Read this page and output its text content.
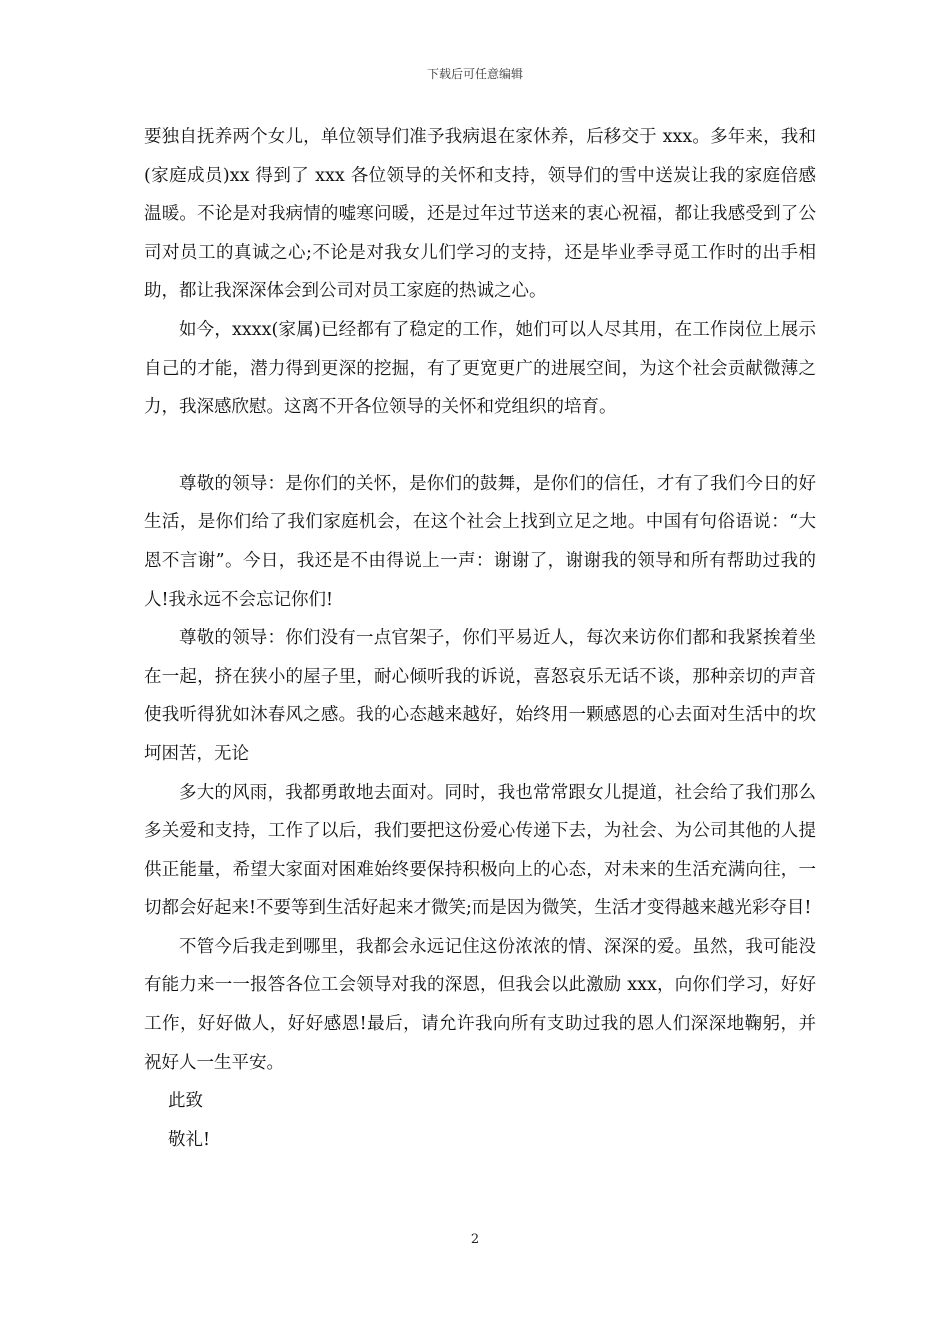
下载后可任意编辑

要独自抚养两个女儿，单位领导们准予我病退在家休养，后移交于 xxx。多年来，我和(家庭成员)xx 得到了 xxx 各位领导的关怀和支持，领导们的雪中送炭让我的家庭倍感温暖。不论是对我病情的嘘寒问暖，还是过年过节送来的衷心祝福，都让我感受到了公司对员工的真诚之心;不论是对我女儿们学习的支持，还是毕业季寻觅工作时的出手相助，都让我深深体会到公司对员工家庭的热诚之心。

如今，xxxx(家属)已经都有了稳定的工作，她们可以人尽其用，在工作岗位上展示自己的才能，潜力得到更深的挖掘，有了更宽更广的进展空间，为这个社会贡献微薄之力，我深感欣慰。这离不开各位领导的关怀和党组织的培育。

尊敬的领导：是你们的关怀，是你们的鼓舞，是你们的信任，才有了我们今日的好生活，是你们给了我们家庭机会，在这个社会上找到立足之地。中国有句俗语说：“大恩不言谢”。今日，我还是不由得说上一声：谢谢了，谢谢我的领导和所有帮助过我的人!我永远不会忘记你们!

尊敬的领导：你们没有一点官架子，你们平易近人，每次来访你们都和我紧挨着坐在一起，挤在狭小的屋子里，耐心倾听我的诉说，喜怒哀乐无话不谈，那种亲切的声音使我听得犹如沐春风之感。我的心态越来越好，始终用一颗感恩的心去面对生活中的坎坷困苦，无论

多大的风雨，我都勇敢地去面对。同时，我也常常跟女儿提道，社会给了我们那么多关爱和支持，工作了以后，我们要把这份爱心传递下去，为社会、为公司其他的人提供正能量，希望大家面对困难始终要保持积极向上的心态，对未来的生活充满向往，一切都会好起来!不要等到生活好起来才微笑;而是因为微笑，生活才变得越来越光彩夺目!

不管今后我走到哪里，我都会永远记住这份浓浓的情、深深的爱。虽然，我可能没有能力来一一报答各位工会领导对我的深恩，但我会以此激励 xxx，向你们学习，好好工作，好好做人，好好感恩!最后，请允许我向所有支助过我的恩人们深深地鞠躬，并祝好人一生平安。

此致

敬礼!

2
